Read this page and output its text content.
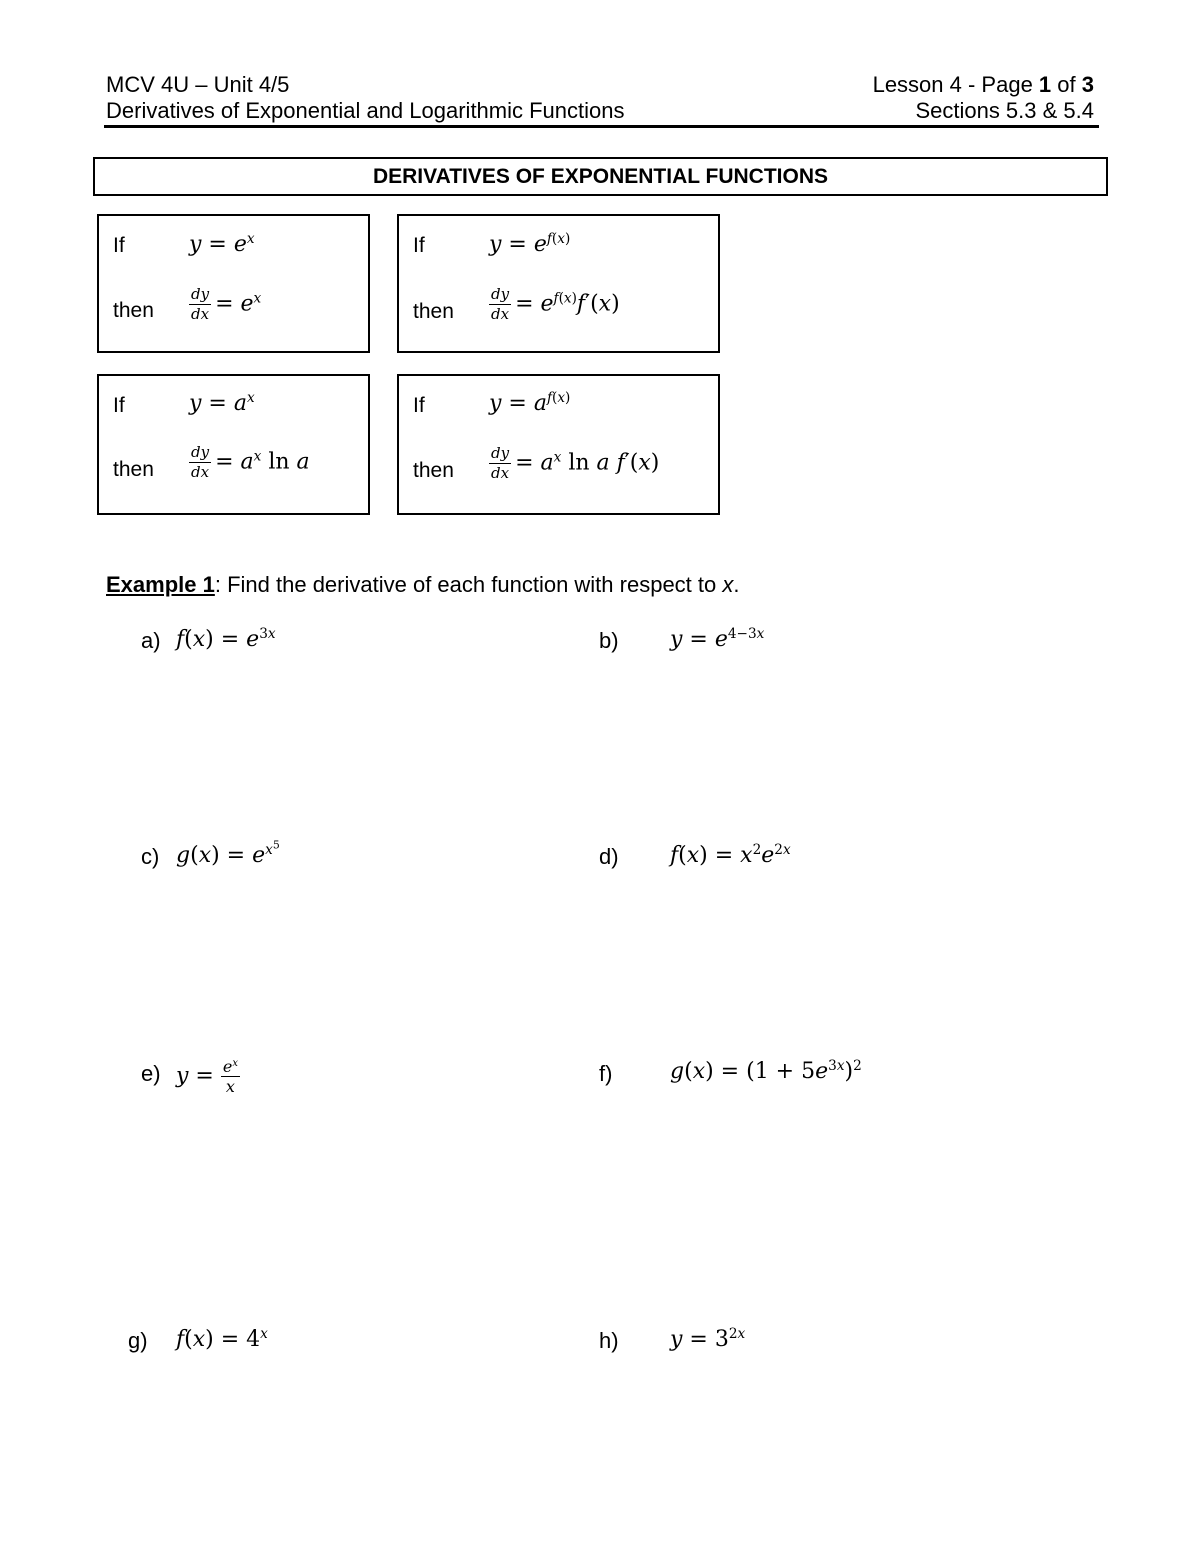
MCV 4U – Unit 4/5
Derivatives of Exponential and Logarithmic Functions
Lesson 4 - Page 1 of 3
Sections 5.3 & 5.4
DERIVATIVES OF EXPONENTIAL FUNCTIONS
If	$y = e^x$
then $\frac{dy}{dx} = e^x$
If	$y = e^{f(x)}$
then $\frac{dy}{dx} = e^{f(x)}f'(x)$
If	$y = a^x$
then $\frac{dy}{dx} = a^x$ ln a
If	$y = a^{f(x)}$
then $\frac{dy}{dx} = a^x$ ln a f′(x)
Example 1: Find the derivative of each function with respect to x.
a) $f(x) = e^{3x}$	b) $y = e^{4-3x}$
c) $g(x) = e^{x^5}$	d) $f(x) = x^2e^{2x}$
e) $y = \frac{e^x}{x}$	f)	$g(x) = (1 + 5e^{3x})^2$
g) $f(x) = 4^x$	h) $y = 3^{2x}$
